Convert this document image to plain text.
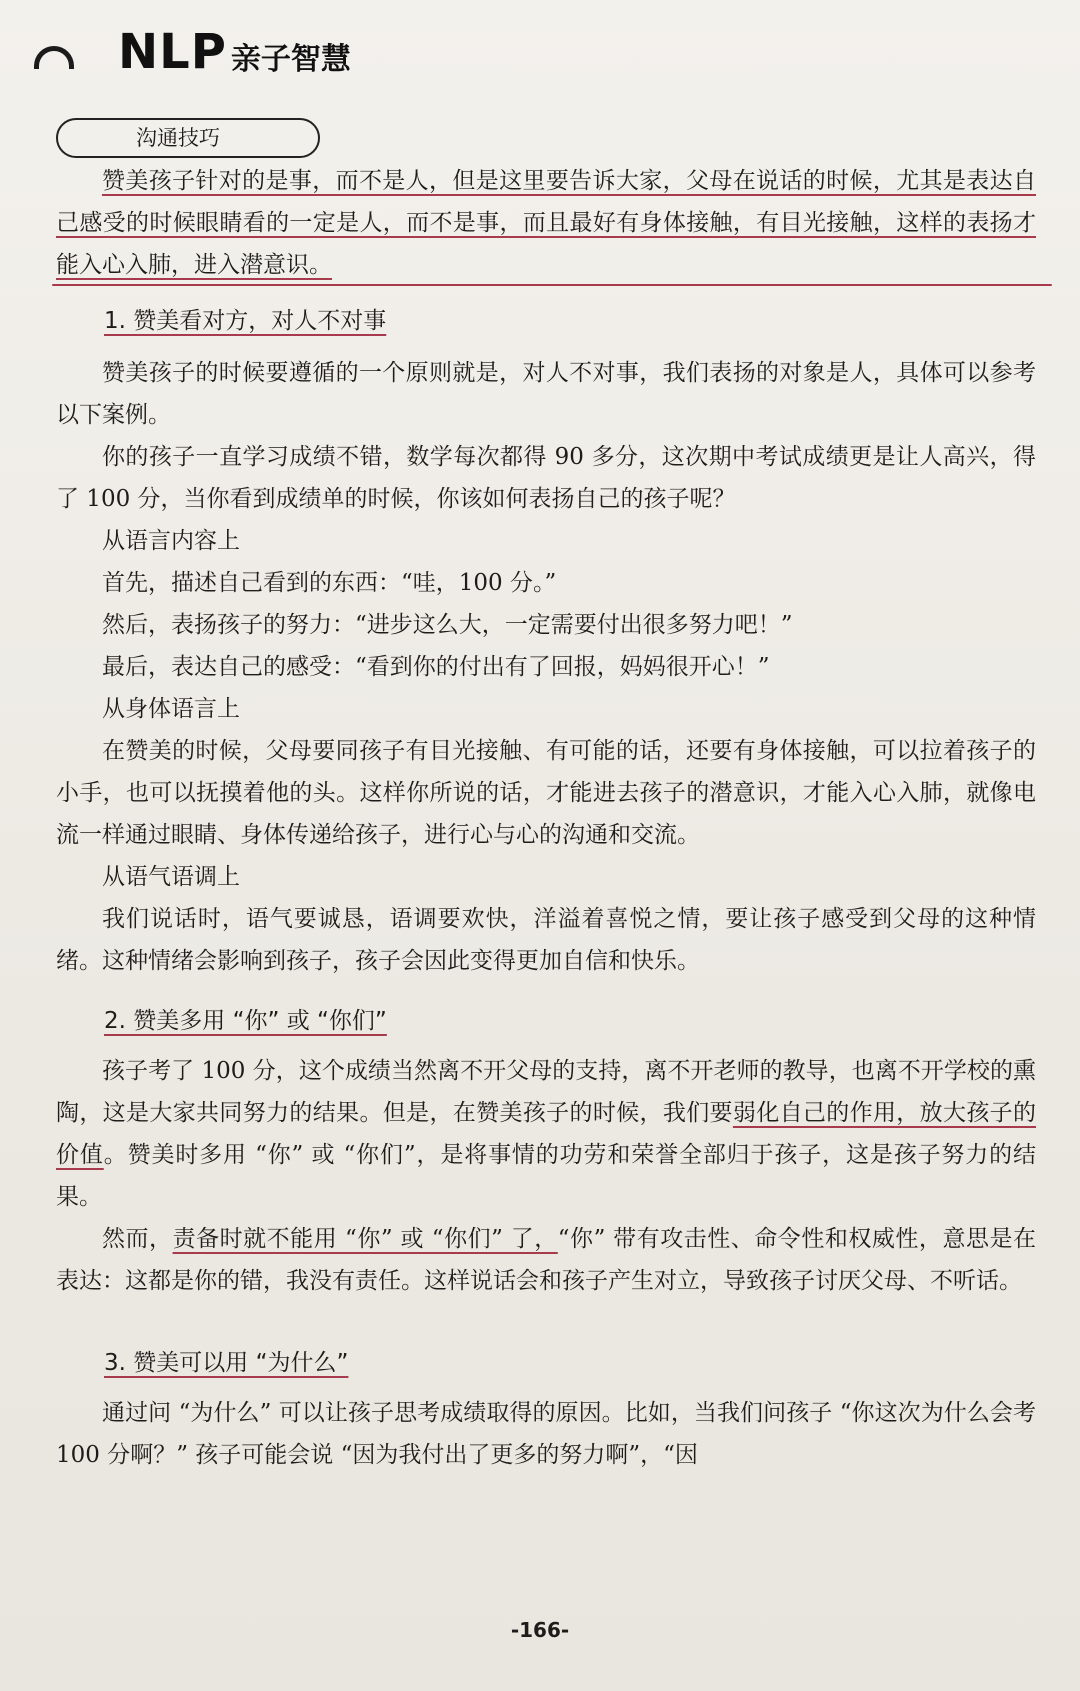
NLP 亲子智慧
沟通技巧

赞美孩子针对的是事，而不是人，但是这里要告诉大家，父母在说话的时候，尤其是表达自己感受的时候眼睛看的一定是人，而不是事，而且最好有身体接触，有目光接触，这样的表扬才能入心入肺，进入潜意识。

1. 赞美看对方，对人不对事

赞美孩子的时候要遵循的一个原则就是，对人不对事，我们表扬的对象是人，具体可以参考以下案例。

你的孩子一直学习成绩不错，数学每次都得 90 多分，这次期中考试成绩更是让人高兴，得了 100 分，当你看到成绩单的时候，你该如何表扬自己的孩子呢？

从语言内容上

首先，描述自己看到的东西：“哇，100 分。”

然后，表扬孩子的努力：“进步这么大，一定需要付出很多努力吧！”

最后，表达自己的感受：“看到你的付出有了回报，妈妈很开心！”

从身体语言上

在赞美的时候，父母要同孩子有目光接触、有可能的话，还要有身体接触，可以拉着孩子的小手，也可以抚摸着他的头。这样你所说的话，才能进去孩子的潜意识，才能入心入肺，就像电流一样通过眼睛、身体传递给孩子，进行心与心的沟通和交流。

从语气语调上

我们说话时，语气要诚恳，语调要欢快，洋溢着喜悦之情，要让孩子感受到父母的这种情绪。这种情绪会影响到孩子，孩子会因此变得更加自信和快乐。

2. 赞美多用 “你” 或 “你们”

孩子考了 100 分，这个成绩当然离不开父母的支持，离不开老师的教导，也离不开学校的熏陶，这是大家共同努力的结果。但是，在赞美孩子的时候，我们要弱化自己的作用，放大孩子的价值。赞美时多用 “你” 或 “你们”，是将事情的功劳和荣誉全部归于孩子，这是孩子努力的结果。

然而，责备时就不能用 “你” 或 “你们” 了，“你” 带有攻击性、命令性和权威性，意思是在表达：这都是你的错，我没有责任。这样说话会和孩子产生对立，导致孩子讨厌父母、不听话。

3. 赞美可以用 “为什么”

通过问 “为什么” 可以让孩子思考成绩取得的原因。比如，当我们问孩子 “你这次为什么会考 100 分啊？” 孩子可能会说 “因为我付出了更多的努力啊”，“因

-166-
